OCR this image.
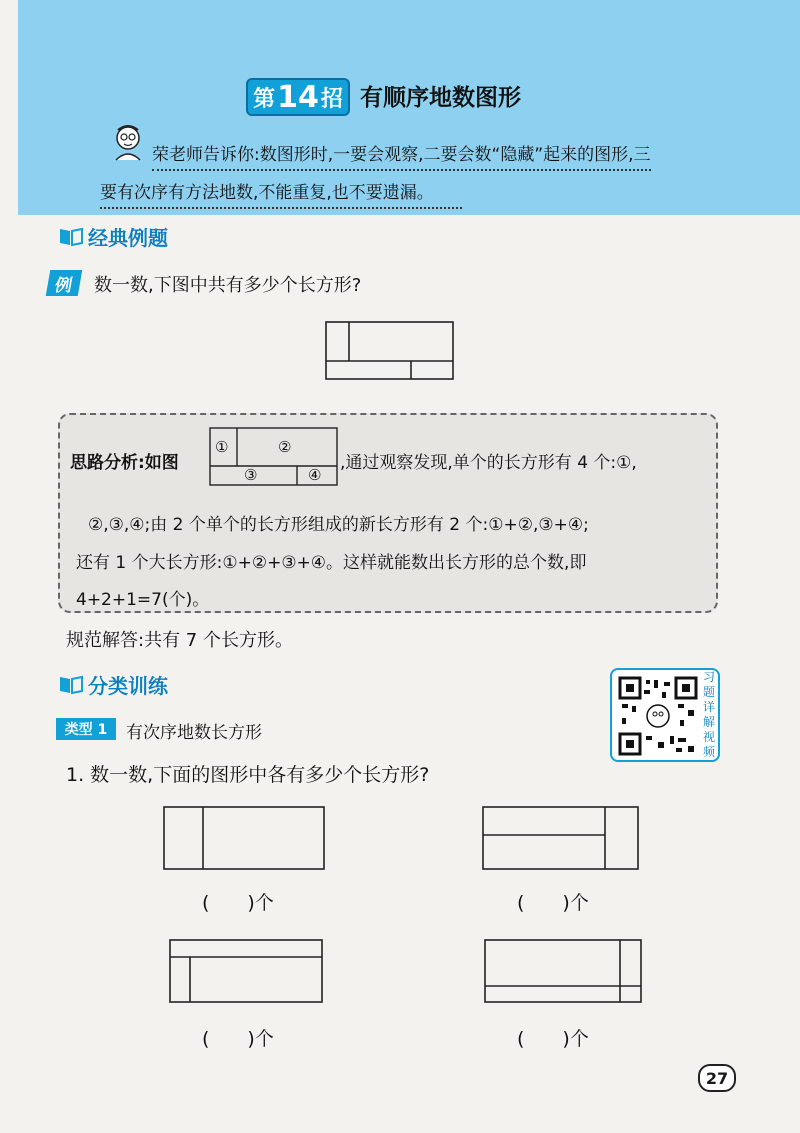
第 14 招 有顺序地数图形
荣老师告诉你:数图形时,一要会观察,二要会数“隐藏”起来的图形,三
要有次序有方法地数,不能重复,也不要遗漏。
经典例题
例	数一数,下图中共有多少个长方形?
思路分析:如图
①	②
③	④
,通过观察发现,单个的长方形有 4 个:①,
②,③,④;由 2 个单个的长方形组成的新长方形有 2 个:①+②,③+④;
还有 1 个大长方形:①+②+③+④。这样就能数出长方形的总个数,即
4+2+1=7(个)。
规范解答:共有 7 个长方形。
分类训练
类型 1	有次序地数长方形
习
题
详
解
视
频
1. 数一数,下面的图形中各有多少个长方形?
(　　)个	(　　)个
(　　)个	(　　)个
27
